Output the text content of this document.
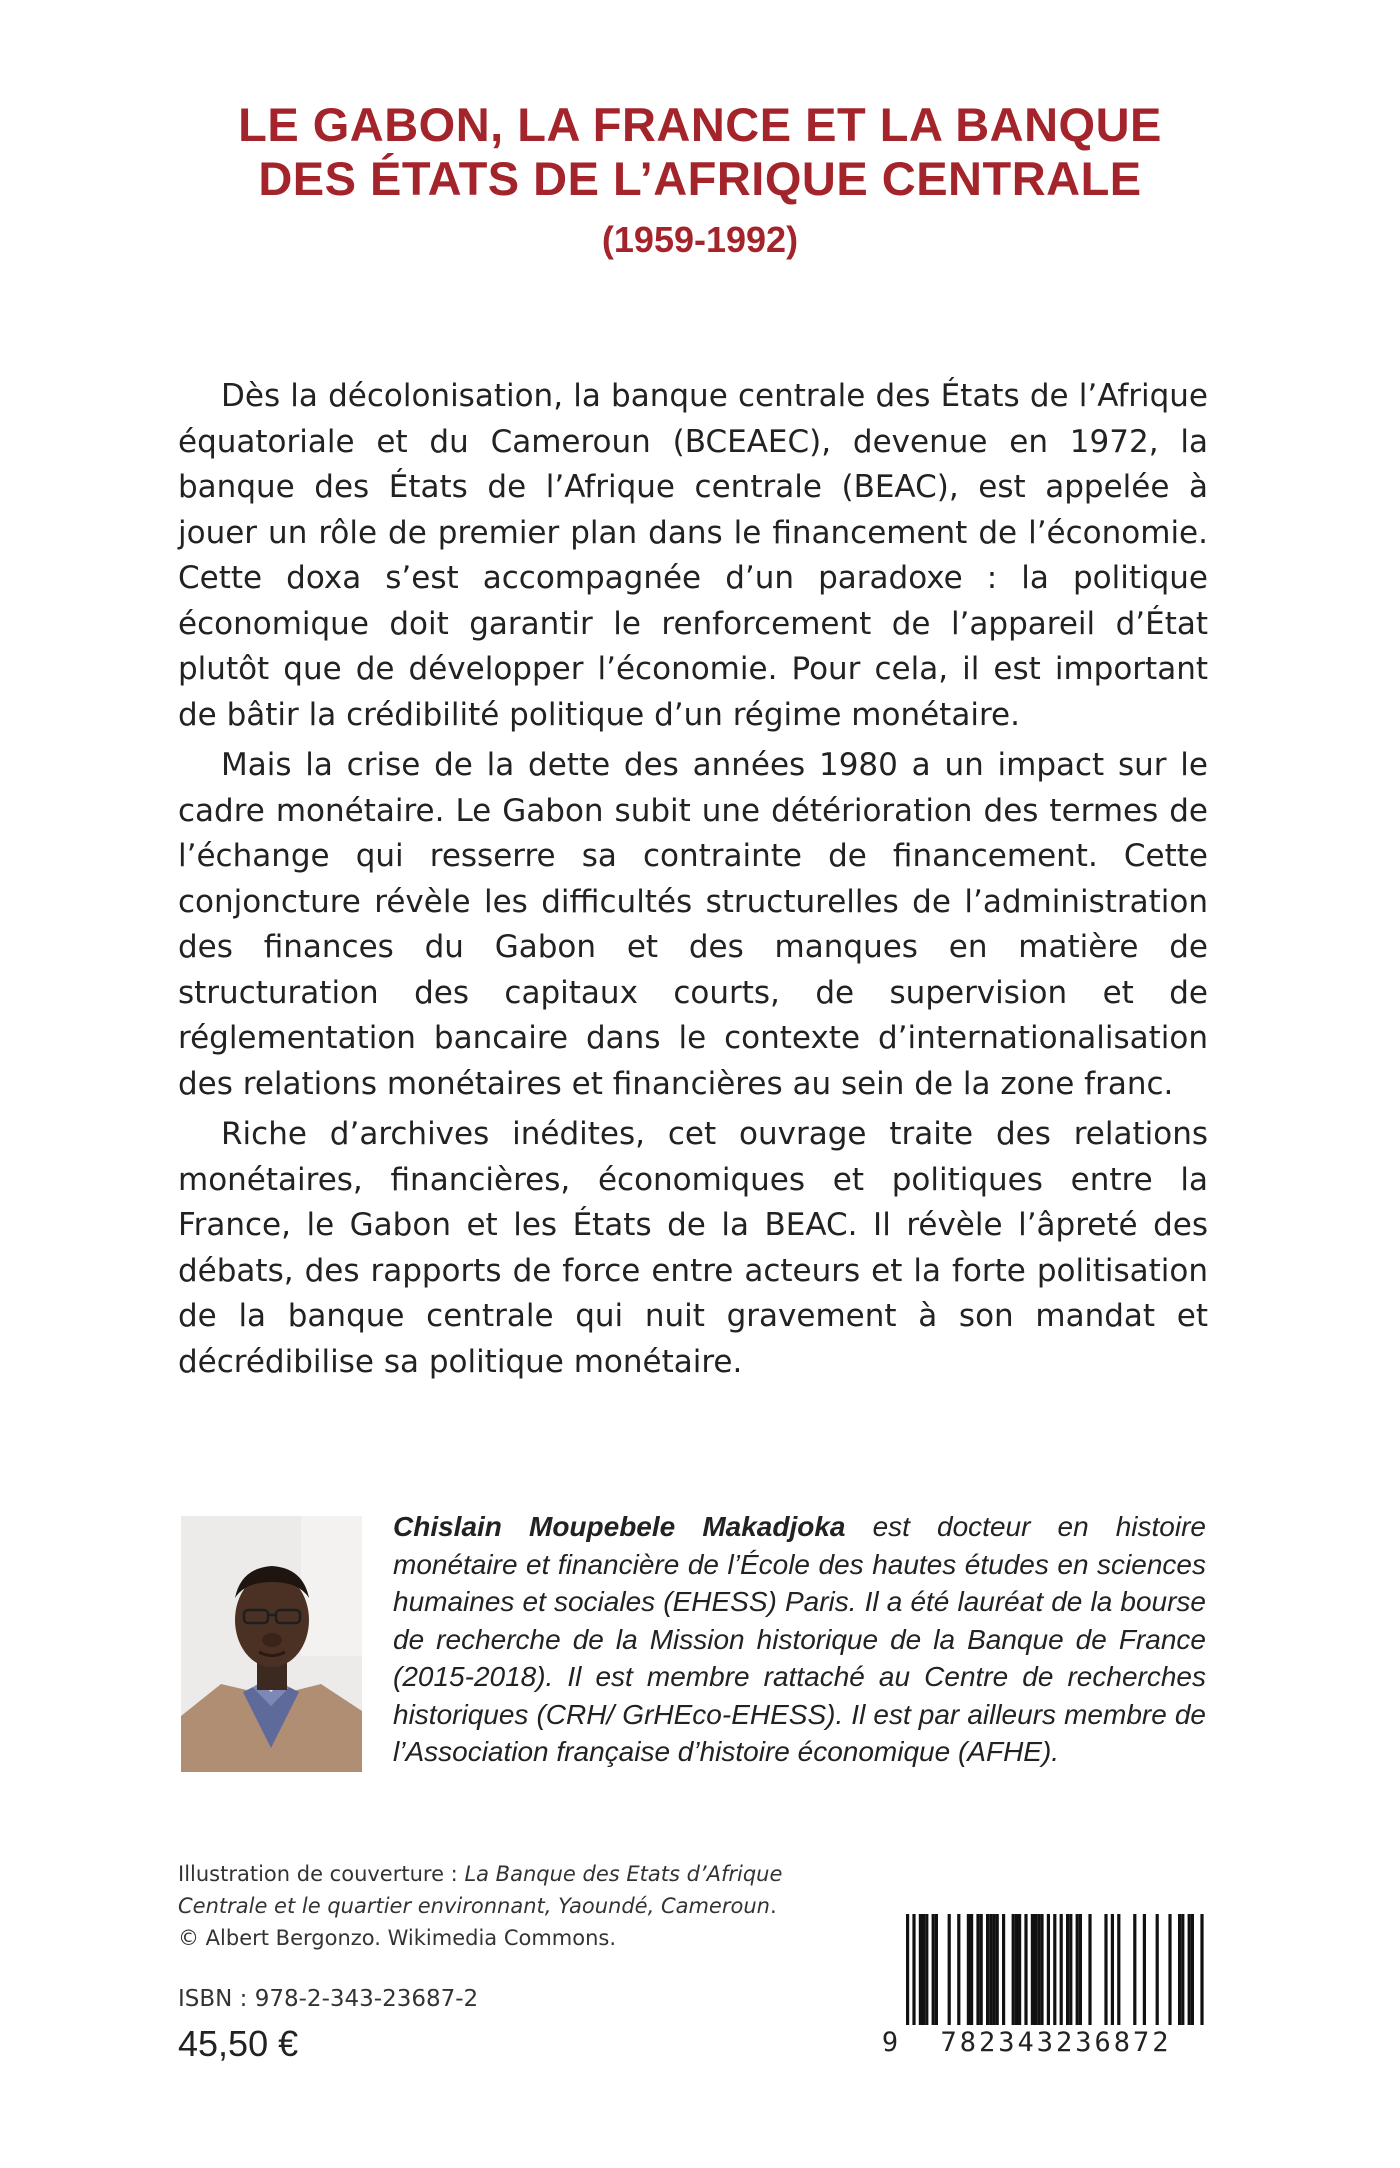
LE GABON, LA FRANCE ET LA BANQUE
DES ÉTATS DE L’AFRIQUE CENTRALE
(1959-1992)

Dès la décolonisation, la banque centrale des États de l’Afrique équatoriale et du Cameroun (BCEAEC), devenue en 1972, la banque des États de l’Afrique centrale (BEAC), est appelée à jouer un rôle de premier plan dans le financement de l’économie. Cette doxa s’est accompagnée d’un paradoxe : la politique économique doit garantir le renforcement de l’appareil d’État plutôt que de développer l’économie. Pour cela, il est important de bâtir la crédibilité politique d’un régime monétaire.

Mais la crise de la dette des années 1980 a un impact sur le cadre monétaire. Le Gabon subit une détérioration des termes de l’échange qui resserre sa contrainte de financement. Cette conjoncture révèle les difficultés structurelles de l’administration des finances du Gabon et des manques en matière de structuration des capitaux courts, de supervision et de réglementation bancaire dans le contexte d’internationalisation des relations monétaires et financières au sein de la zone franc.

Riche d’archives inédites, cet ouvrage traite des relations monétaires, financières, économiques et politiques entre la France, le Gabon et les États de la BEAC. Il révèle l’âpreté des débats, des rapports de force entre acteurs et la forte politisation de la banque centrale qui nuit gravement à son mandat et décrédibilise sa politique monétaire.

Chislain Moupebele Makadjoka est docteur en histoire monétaire et financière de l’École des hautes études en sciences humaines et sociales (EHESS) Paris. Il a été lauréat de la bourse de recherche de la Mission historique de la Banque de France (2015-2018). Il est membre rattaché au Centre de recherches historiques (CRH/ GrHEco-EHESS). Il est par ailleurs membre de l’Association française d’histoire économique (AFHE).

Illustration de couverture : La Banque des Etats d’Afrique Centrale et le quartier environnant, Yaoundé, Cameroun.
© Albert Bergonzo. Wikimedia Commons.

ISBN : 978-2-343-23687-2
45,50 €	9	782343236872
